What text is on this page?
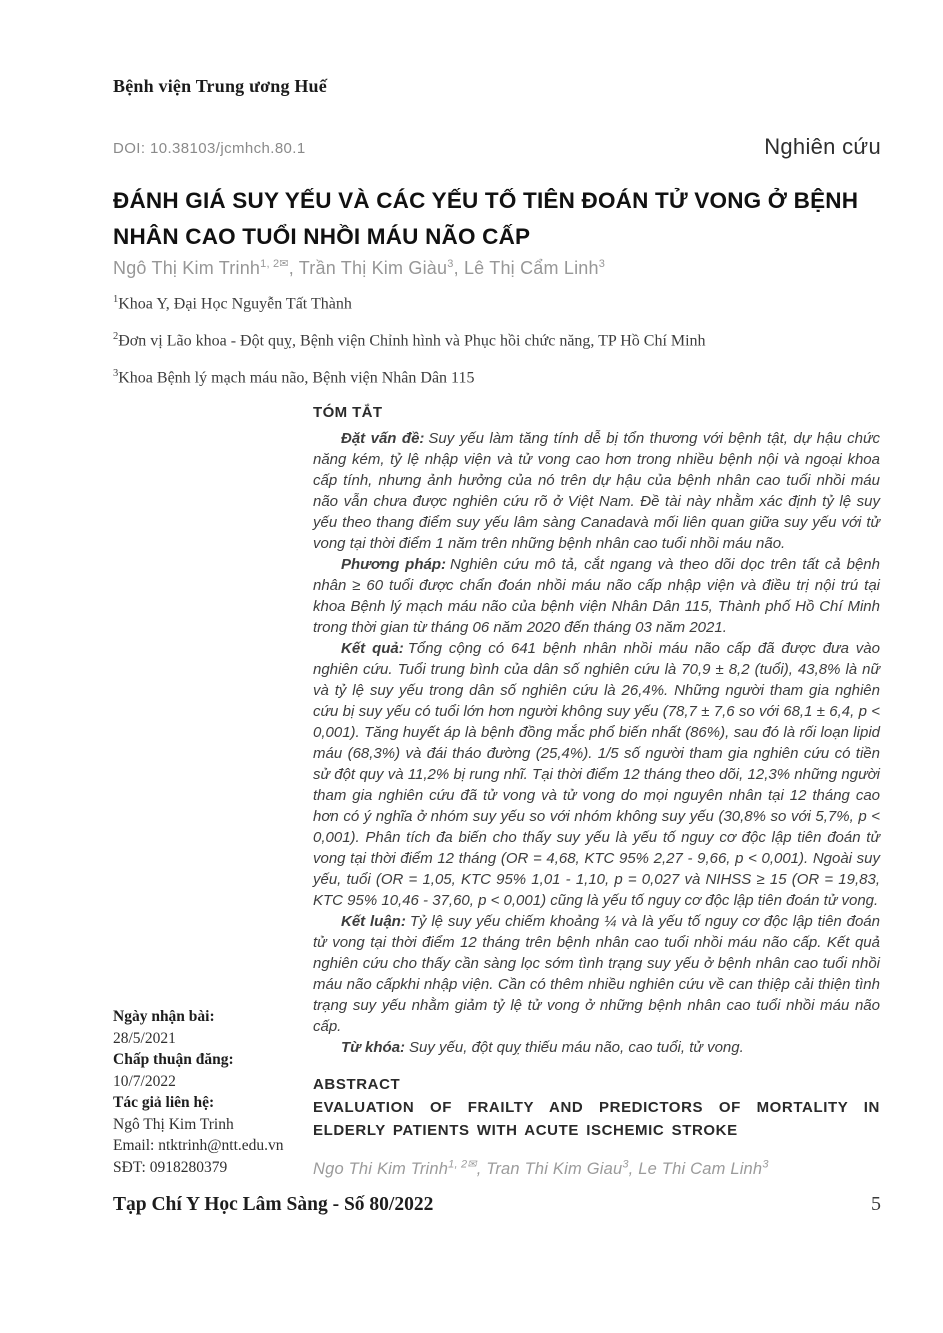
Bệnh viện Trung ương Huế
DOI: 10.38103/jcmhch.80.1	Nghiên cứu
ĐÁNH GIÁ SUY YẾU VÀ CÁC YẾU TỐ TIÊN ĐOÁN TỬ VONG Ở BỆNH NHÂN CAO TUỔI NHỒI MÁU NÃO CẤP
Ngô Thị Kim Trinh$^{1, 2✉}$, Trần Thị Kim Giàu$^3$, Lê Thị Cẩm Linh$^3$

$^1$Khoa Y, Đại Học Nguyễn Tất Thành

$^2$Đơn vị Lão khoa - Đột quỵ, Bệnh viện Chỉnh hình và Phục hồi chức năng, TP Hồ Chí Minh

$^3$Khoa Bệnh lý mạch máu não, Bệnh viện Nhân Dân 115

TÓM TẮT

Đặt vấn đề: Suy yếu làm tăng tính dễ bị tổn thương với bệnh tật, dự hậu chức năng kém, tỷ lệ nhập viện và tử vong cao hơn trong nhiều bệnh nội và ngoại khoa cấp tính, nhưng ảnh hưởng của nó trên dự hậu của bệnh nhân cao tuổi nhồi máu não vẫn chưa được nghiên cứu rõ ở Việt Nam. Đề tài này nhằm xác định tỷ lệ suy yếu theo thang điểm suy yếu lâm sàng Canadavà mối liên quan giữa suy yếu với tử vong tại thời điểm 1 năm trên những bệnh nhân cao tuổi nhồi máu não.

Phương pháp: Nghiên cứu mô tả, cắt ngang và theo dõi dọc trên tất cả bệnh nhân ≥ 60 tuổi được chẩn đoán nhồi máu não cấp nhập viện và điều trị nội trú tại khoa Bệnh lý mạch máu não của bệnh viện Nhân Dân 115, Thành phố Hồ Chí Minh trong thời gian từ tháng 06 năm 2020 đến tháng 03 năm 2021.

Kết quả: Tổng cộng có 641 bệnh nhân nhồi máu não cấp đã được đưa vào nghiên cứu. Tuổi trung bình của dân số nghiên cứu là 70,9 ± 8,2 (tuổi), 43,8% là nữ và tỷ lệ suy yếu trong dân số nghiên cứu là 26,4%. Những người tham gia nghiên cứu bị suy yếu có tuổi lớn hơn người không suy yếu (78,7 ± 7,6 so với 68,1 ± 6,4, p < 0,001). Tăng huyết áp là bệnh đồng mắc phổ biến nhất (86%), sau đó là rối loạn lipid máu (68,3%) và đái tháo đường (25,4%). 1/5 số người tham gia nghiên cứu có tiền sử đột quy và 11,2% bị rung nhĩ. Tại thời điểm 12 tháng theo dõi, 12,3% những người tham gia nghiên cứu đã tử vong và tử vong do mọi nguyên nhân tại 12 tháng cao hơn có ý nghĩa ở nhóm suy yếu so với nhóm không suy yếu (30,8% so với 5,7%, p < 0,001). Phân tích đa biến cho thấy suy yếu là yếu tố nguy cơ độc lập tiên đoán tử vong tại thời điểm 12 tháng (OR = 4,68, KTC 95% 2,27 - 9,66, p < 0,001). Ngoài suy yếu, tuổi (OR = 1,05, KTC 95% 1,01 - 1,10, p = 0,027 và NIHSS ≥ 15 (OR = 19,83, KTC 95% 10,46 - 37,60, p < 0,001) cũng là yếu tố nguy cơ độc lập tiên đoán tử vong.

Kết luận: Tỷ lệ suy yếu chiếm khoảng ¼ và là yếu tố nguy cơ độc lập tiên đoán tử vong tại thời điểm 12 tháng trên bệnh nhân cao tuổi nhồi máu não cấp. Kết quả nghiên cứu cho thấy cần sàng lọc sớm tình trạng suy yếu ở bệnh nhân cao tuổi nhồi máu não cấpkhi nhập viện. Cần có thêm nhiều nghiên cứu về can thiệp cải thiện tình trạng suy yếu nhằm giảm tỷ lệ tử vong ở những bệnh nhân cao tuổi nhồi máu não cấp.

Từ khóa: Suy yếu, đột quỵ thiếu máu não, cao tuổi, tử vong.

ABSTRACT
EVALUATION OF FRAILTY AND PREDICTORS OF MORTALITY IN ELDERLY PATIENTS WITH ACUTE ISCHEMIC STROKE
Ngo Thi Kim Trinh$^{1, 2✉}$, Tran Thi Kim Giau$^3$, Le Thi Cam Linh$^3$
Ngày nhận bài:
28/5/2021
Chấp thuận đăng:
10/7/2022
Tác giả liên hệ:
Ngô Thị Kim Trinh
Email: ntktrinh@ntt.edu.vn
SĐT: 0918280379
Tạp Chí Y Học Lâm Sàng - Số 80/2022	5
